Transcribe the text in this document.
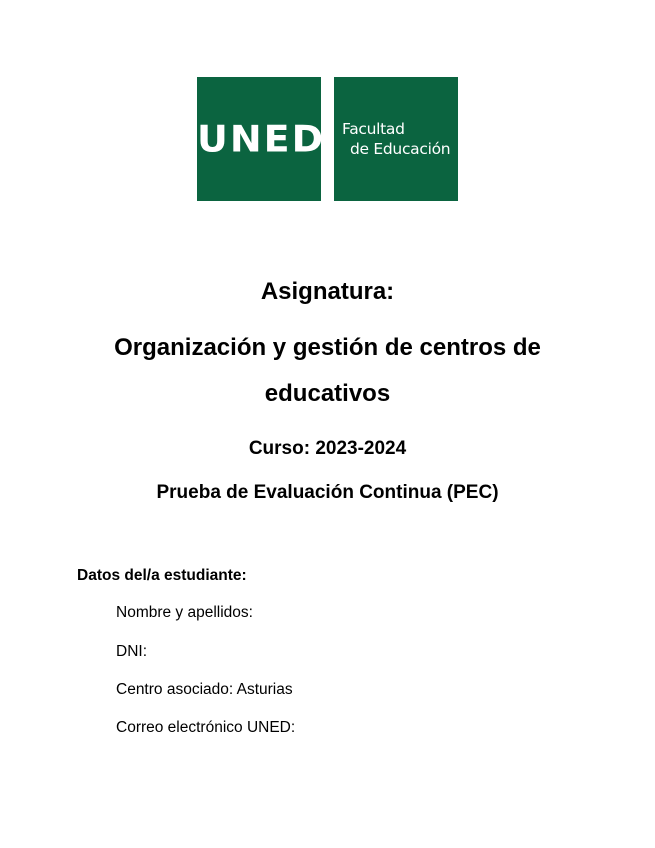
UNED Facultad
de Educación
Asignatura:
Organización y gestión de centros de
educativos
Curso: 2023-2024
Prueba de Evaluación Continua (PEC)
Datos del/a estudiante:
Nombre y apellidos:
DNI:
Centro asociado: Asturias
Correo electrónico UNED:
